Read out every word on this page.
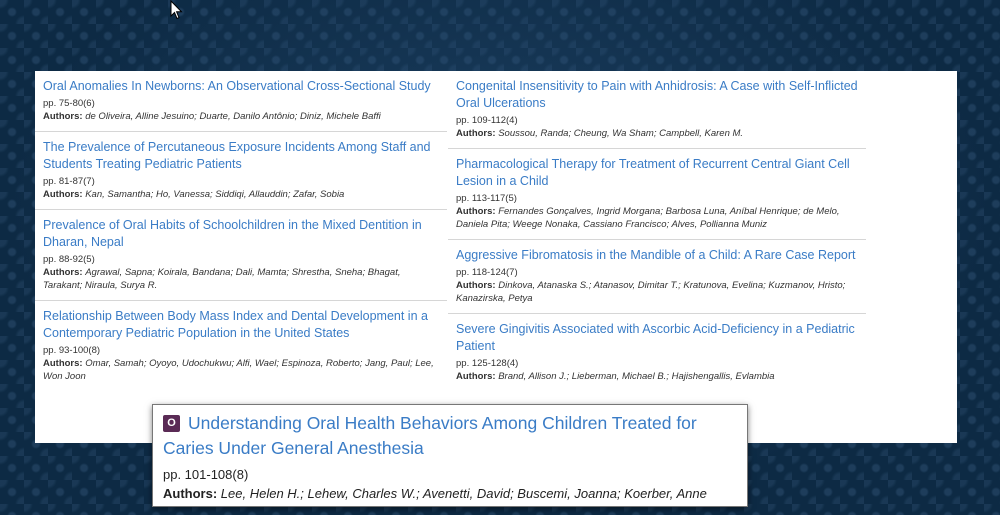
Oral Anomalies In Newborns: An Observational Cross-Sectional Study
pp. 75-80(6)
Authors: de Oliveira, Alline Jesuino; Duarte, Danilo Antônio; Diniz, Michele Baffi
The Prevalence of Percutaneous Exposure Incidents Among Staff and Students Treating Pediatric Patients
pp. 81-87(7)
Authors: Kan, Samantha; Ho, Vanessa; Siddiqi, Allauddin; Zafar, Sobia
Prevalence of Oral Habits of Schoolchildren in the Mixed Dentition in Dharan, Nepal
pp. 88-92(5)
Authors: Agrawal, Sapna; Koirala, Bandana; Dali, Mamta; Shrestha, Sneha; Bhagat, Tarakant; Niraula, Surya R.
Relationship Between Body Mass Index and Dental Development in a Contemporary Pediatric Population in the United States
pp. 93-100(8)
Authors: Omar, Samah; Oyoyo, Udochukwu; Alfi, Wael; Espinoza, Roberto; Jang, Paul; Lee, Won Joon
Congenital Insensitivity to Pain with Anhidrosis: A Case with Self-Inflicted Oral Ulcerations
pp. 109-112(4)
Authors: Soussou, Randa; Cheung, Wa Sham; Campbell, Karen M.
Pharmacological Therapy for Treatment of Recurrent Central Giant Cell Lesion in a Child
pp. 113-117(5)
Authors: Fernandes Gonçalves, Ingrid Morgana; Barbosa Luna, Aníbal Henrique; de Melo, Daniela Pita; Weege Nonaka, Cassiano Francisco; Alves, Pollianna Muniz
Aggressive Fibromatosis in the Mandible of a Child: A Rare Case Report
pp. 118-124(7)
Authors: Dinkova, Atanaska S.; Atanasov, Dimitar T.; Kratunova, Evelina; Kuzmanov, Hristo; Kanazirska, Petya
Severe Gingivitis Associated with Ascorbic Acid-Deficiency in a Pediatric Patient
pp. 125-128(4)
Authors: Brand, Allison J.; Lieberman, Michael B.; Hajishengallis, Evlambia
O Understanding Oral Health Behaviors Among Children Treated for Caries Under General Anesthesia
pp. 101-108(8)
Authors: Lee, Helen H.; Lehew, Charles W.; Avenetti, David; Buscemi, Joanna; Koerber, Anne
